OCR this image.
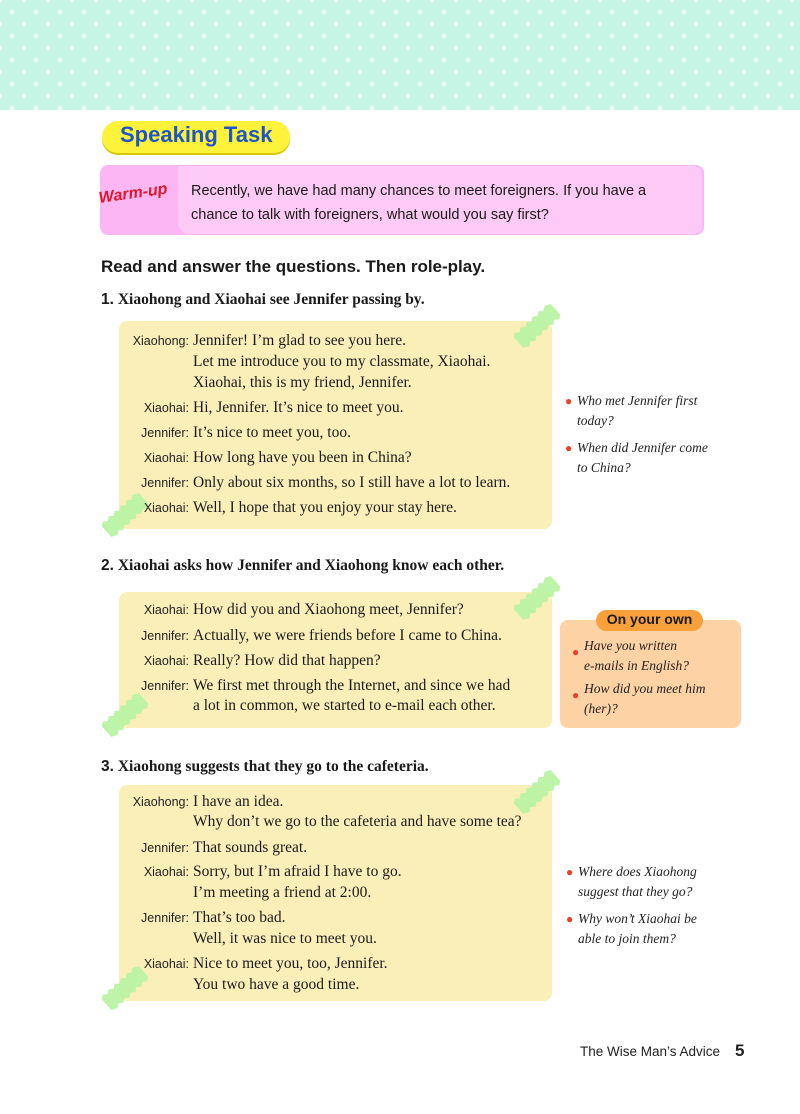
Speaking Task
Warm-up Recently, we have had many chances to meet foreigners. If you have a
chance to talk with foreigners, what would you say first?
Read and answer the questions. Then role-play.
1. Xiaohong and Xiaohai see Jennifer passing by.
Xiaohong: Jennifer! I’m glad to see you here.
Let me introduce you to my classmate, Xiaohai.
Xiaohai, this is my friend, Jennifer.
Xiaohai: Hi, Jennifer. It’s nice to meet you.
Jennifer: It’s nice to meet you, too.
Xiaohai: How long have you been in China?
Jennifer: Only about six months, so I still have a lot to learn.
Xiaohai: Well, I hope that you enjoy your stay here.
● Who met Jennifer first
today?
● When did Jennifer come
to China?
2. Xiaohai asks how Jennifer and Xiaohong know each other.
Xiaohai: How did you and Xiaohong meet, Jennifer?
Jennifer: Actually, we were friends before I came to China.
Xiaohai: Really? How did that happen?
Jennifer: We first met through the Internet, and since we had
a lot in common, we started to e-mail each other.
On your own
● Have you written
e-mails in English?
● How did you meet him
(her)?
3. Xiaohong suggests that they go to the cafeteria.
Xiaohong: I have an idea.
Why don’t we go to the cafeteria and have some tea?
Jennifer: That sounds great.
Xiaohai: Sorry, but I’m afraid I have to go.
I’m meeting a friend at 2:00.
Jennifer: That’s too bad.
Well, it was nice to meet you.
Xiaohai: Nice to meet you, too, Jennifer.
You two have a good time.
● Where does Xiaohong
suggest that they go?
● Why won’t Xiaohai be
able to join them?
The Wise Man’s Advice 5
